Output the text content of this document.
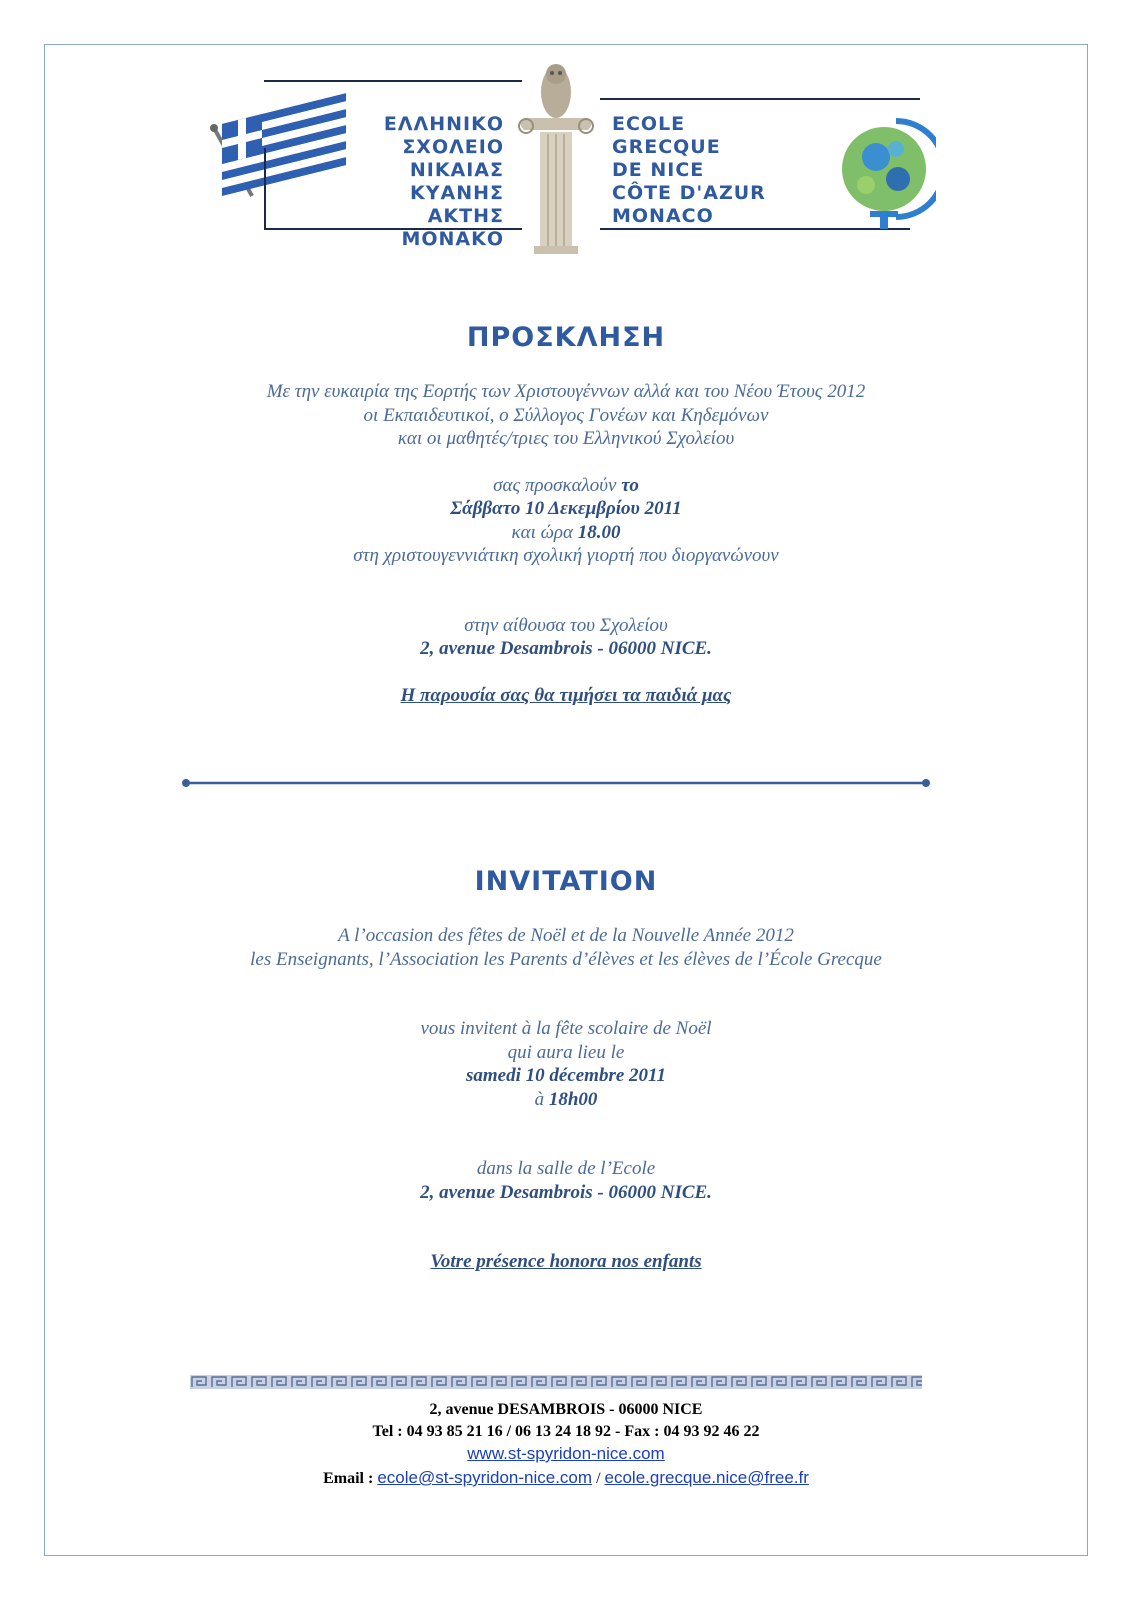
ΕΛΛΗΝΙΚΟ
ΣΧΟΛΕΙΟ
ΝΙΚΑΙΑΣ
ΚΥΑΝΗΣ ΑΚΤΗΣ
ΜΟΝΑΚΟ
ECOLE
GRECQUE
DE NICE
CÔTE D'AZUR
MONACO
ΠΡΟΣΚΛΗΣΗ
Με την ευκαιρία της Εορτής των Χριστουγέννων αλλά και του Νέου Έτους 2012
οι Εκπαιδευτικοί, ο Σύλλογος Γονέων και Κηδεμόνων
και οι μαθητές/τριες του Ελληνικού Σχολείου
σας προσκαλούν το
Σάββατο 10 Δεκεμβρίου 2011
και ώρα 18.00
στη χριστουγεννιάτικη σχολική γιορτή που διοργανώνουν
στην αίθουσα του Σχολείου
2, avenue Desambrois - 06000 NICE.
Η παρουσία σας θα τιμήσει τα παιδιά μας
INVITATION
A l’occasion des fêtes de Noël et de la Nouvelle Année 2012
les Enseignants, l’Association les Parents d’élèves et les élèves de l’École Grecque
vous invitent à la fête scolaire de Noël
qui aura lieu le
samedi 10 décembre 2011
à 18h00
dans la salle de l’Ecole
2, avenue Desambrois - 06000 NICE.
Votre présence honora nos enfants
2, avenue DESAMBROIS - 06000 NICE
Tel : 04 93 85 21 16 / 06 13 24 18 92 - Fax : 04 93 92 46 22
www.st-spyridon-nice.com
Email : ecole@st-spyridon-nice.com / ecole.grecque.nice@free.fr
